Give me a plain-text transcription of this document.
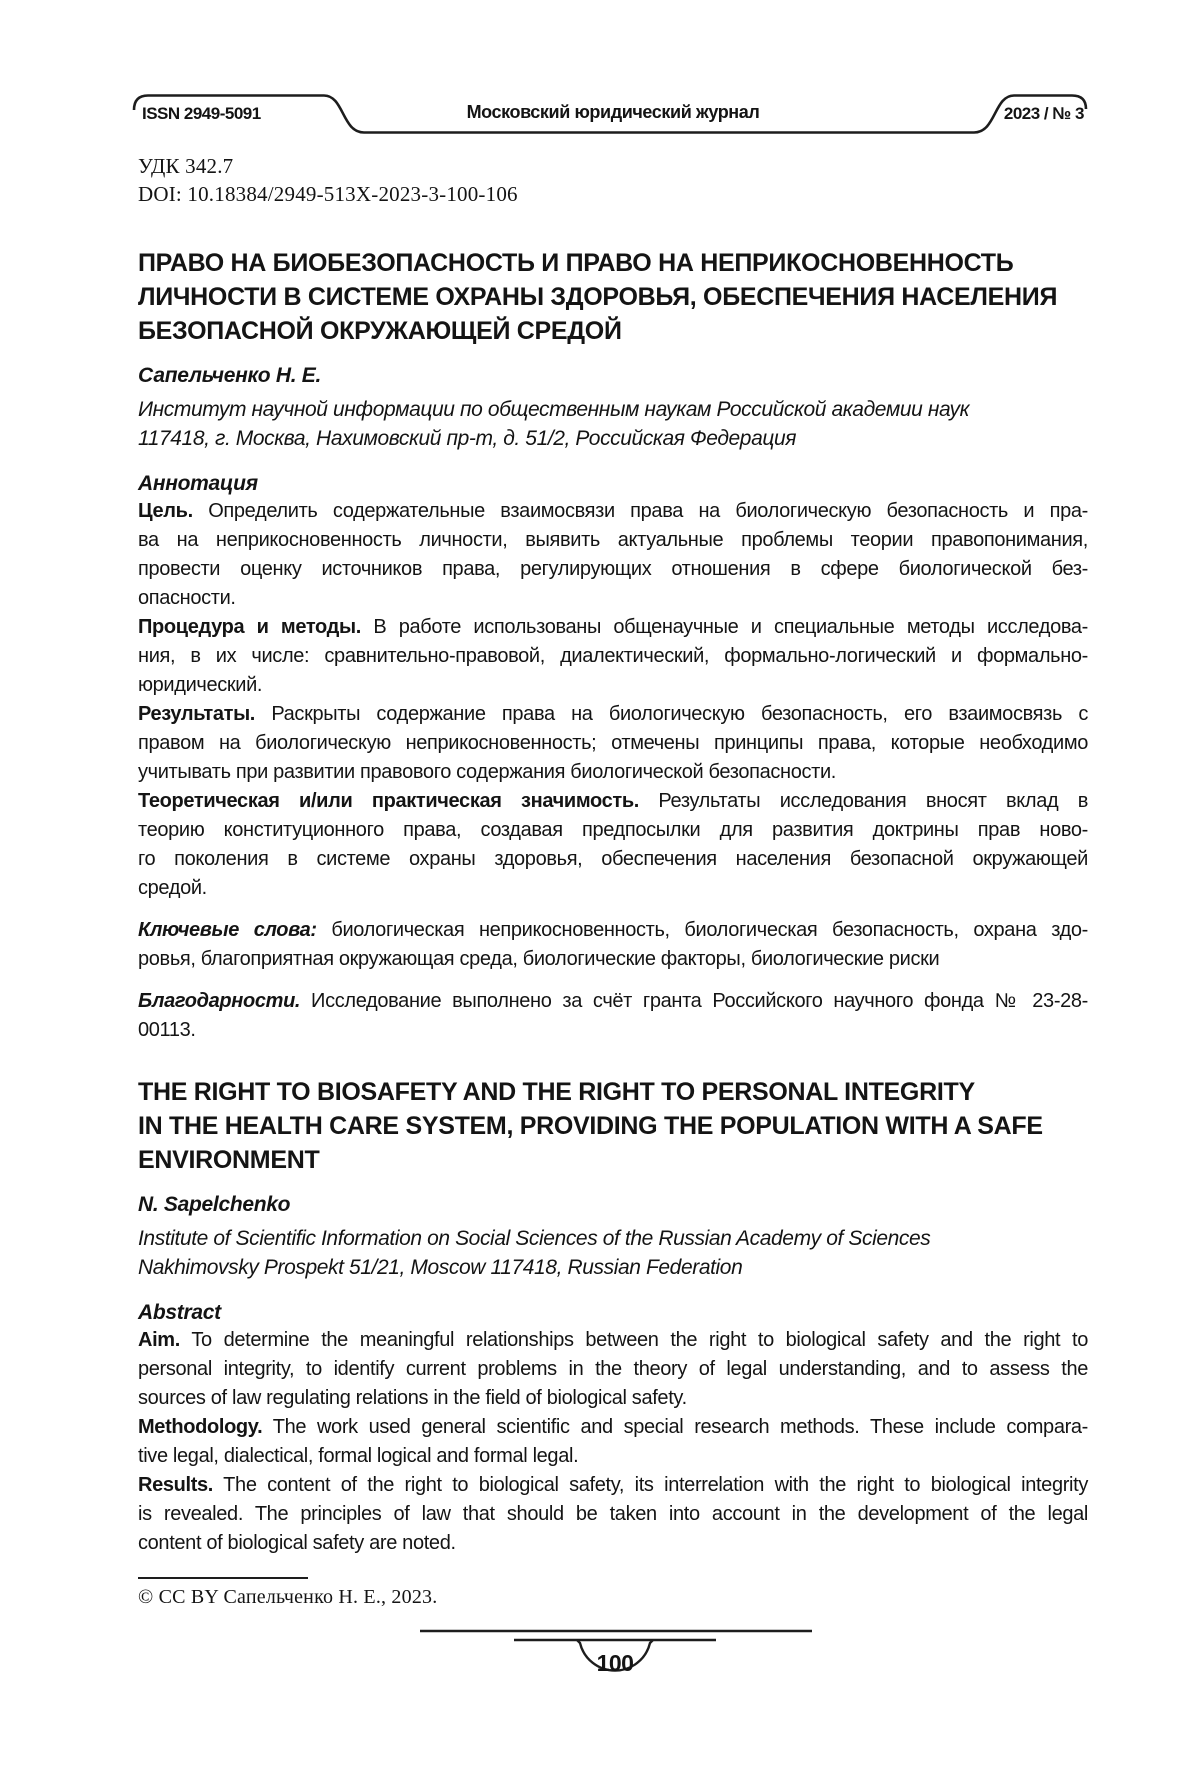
ISSN 2949-5091	Московский юридический журнал	2023 / № 3
УДК 342.7
DOI: 10.18384/2949-513X-2023-3-100-106
ПРАВО НА БИОБЕЗОПАСНОСТЬ И ПРАВО НА НЕПРИКОСНОВЕННОСТЬ
ЛИЧНОСТИ В СИСТЕМЕ ОХРАНЫ ЗДОРОВЬЯ, ОБЕСПЕЧЕНИЯ НАСЕЛЕНИЯ
БЕЗОПАСНОЙ ОКРУЖАЮЩЕЙ СРЕДОЙ
Сапельченко Н. Е.
Институт научной информации по общественным наукам Российской академии наук
117418, г. Москва, Нахимовский пр-т, д. 51/2, Российская Федерация
Аннотация
Цель. Определить содержательные взаимосвязи права на биологическую безопасность и пра-
ва на неприкосновенность личности, выявить актуальные проблемы теории правопонимания,
провести оценку источников права, регулирующих отношения в сфере биологической без-
опасности.
Процедура и методы. В работе использованы общенаучные и специальные методы исследова-
ния, в их числе: сравнительно-правовой, диалектический, формально-логический и формально-
юридический.
Результаты. Раскрыты содержание права на биологическую безопасность, его взаимосвязь с
правом на биологическую неприкосновенность; отмечены принципы права, которые необходимо
учитывать при развитии правового содержания биологической безопасности.
Теоретическая и/или практическая значимость. Результаты исследования вносят вклад в
теорию конституционного права, создавая предпосылки для развития доктрины прав ново-
го поколения в системе охраны здоровья, обеспечения населения безопасной окружающей
средой.
Ключевые слова: биологическая неприкосновенность, биологическая безопасность, охрана здо-
ровья, благоприятная окружающая среда, биологические факторы, биологические риски
Благодарности. Исследование выполнено за счёт гранта Российского научного фонда № 23-28-
00113.
THE RIGHT TO BIOSAFETY AND THE RIGHT TO PERSONAL INTEGRITY
IN THE HEALTH CARE SYSTEM, PROVIDING THE POPULATION WITH A SAFE
ENVIRONMENT
N. Sapelchenko
Institute of Scientific Information on Social Sciences of the Russian Academy of Sciences
Nakhimovsky Prospekt 51/21, Moscow 117418, Russian Federation
Abstract
Aim. To determine the meaningful relationships between the right to biological safety and the right to
personal integrity, to identify current problems in the theory of legal understanding, and to assess the
sources of law regulating relations in the field of biological safety.
Methodology. The work used general scientific and special research methods. These include compara-
tive legal, dialectical, formal logical and formal legal.
Results. The content of the right to biological safety, its interrelation with the right to biological integrity
is revealed. The principles of law that should be taken into account in the development of the legal
content of biological safety are noted.
© CC BY Сапельченко Н. Е., 2023.
100
